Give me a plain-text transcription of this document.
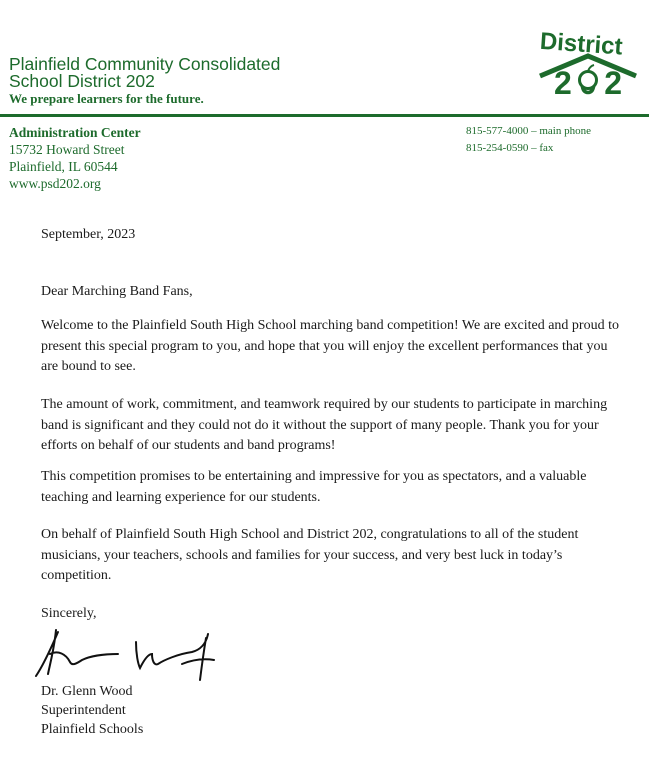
Plainfield Community Consolidated
School District 202
We prepare learners for the future.
District
2 2
Administration Center
15732 Howard Street
Plainfield, IL 60544
www.psd202.org
815-577-4000 – main phone
815-254-0590 – fax
September, 2023
Dear Marching Band Fans,
Welcome to the Plainfield South High School marching band competition! We are excited and proud to present this special program to you, and hope that you will enjoy the excellent performances that you are bound to see.
The amount of work, commitment, and teamwork required by our students to participate in marching band is significant and they could not do it without the support of many people. Thank you for your efforts on behalf of our students and band programs!
This competition promises to be entertaining and impressive for you as spectators, and a valuable teaching and learning experience for our students.
On behalf of Plainfield South High School and District 202, congratulations to all of the student musicians, your teachers, schools and families for your success, and very best luck in today’s competition.
Sincerely,
Dr. Glenn Wood
Superintendent
Plainfield Schools
